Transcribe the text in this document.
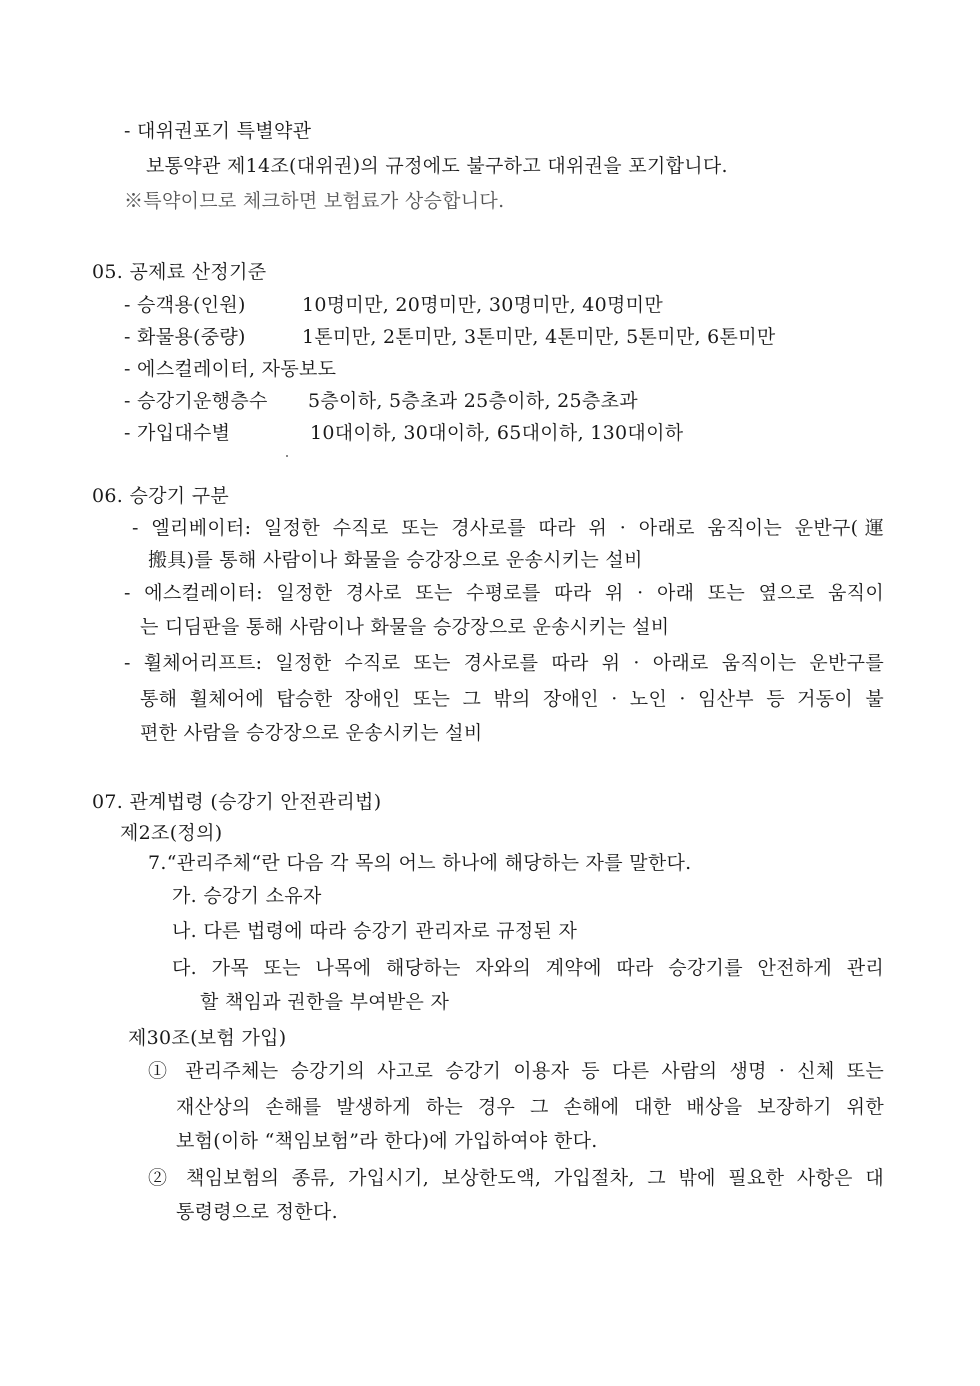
- 대위권포기 특별약관
보통약관 제14조(대위권)의 규정에도 불구하고 대위권을 포기합니다.
※특약이므로 체크하면 보험료가 상승합니다.
05. 공제료 산정기준
- 승객용(인원)	10명미만, 20명미만, 30명미만, 40명미만
- 화물용(중량)	1톤미만, 2톤미만, 3톤미만, 4톤미만, 5톤미만, 6톤미만
- 에스컬레이터, 자동보도
- 승강기운행층수 5층이하, 5층초과 25층이하, 25층초과
- 가입대수별	10대이하, 30대이하, 65대이하, 130대이하
06. 승강기 구분
- 엘리베이터: 일정한 수직로 또는 경사로를 따라 위 · 아래로 움직이는 운반구(運
搬具)를 통해 사람이나 화물을 승강장으로 운송시키는 설비
- 에스컬레이터: 일정한 경사로 또는 수평로를 따라 위 · 아래 또는 옆으로 움직이
는 디딤판을 통해 사람이나 화물을 승강장으로 운송시키는 설비
- 휠체어리프트: 일정한 수직로 또는 경사로를 따라 위 · 아래로 움직이는 운반구를
통해 휠체어에 탑승한 장애인 또는 그 밖의 장애인 · 노인 · 임산부 등 거동이 불
편한 사람을 승강장으로 운송시키는 설비
07. 관계법령 (승강기 안전관리법)
제2조(정의)
7.“관리주체“란 다음 각 목의 어느 하나에 해당하는 자를 말한다.
가. 승강기 소유자
나. 다른 법령에 따라 승강기 관리자로 규정된 자
다. 가목 또는 나목에 해당하는 자와의 계약에 따라 승강기를 안전하게 관리
할 책임과 권한을 부여받은 자
제30조(보험 가입)
① 관리주체는 승강기의 사고로 승강기 이용자 등 다른 사람의 생명 · 신체 또는
재산상의 손해를 발생하게 하는 경우 그 손해에 대한 배상을 보장하기 위한
보험(이하 “책임보험”라 한다)에 가입하여야 한다.
② 책임보험의 종류, 가입시기, 보상한도액, 가입절차, 그 밖에 필요한 사항은 대
통령령으로 정한다.
